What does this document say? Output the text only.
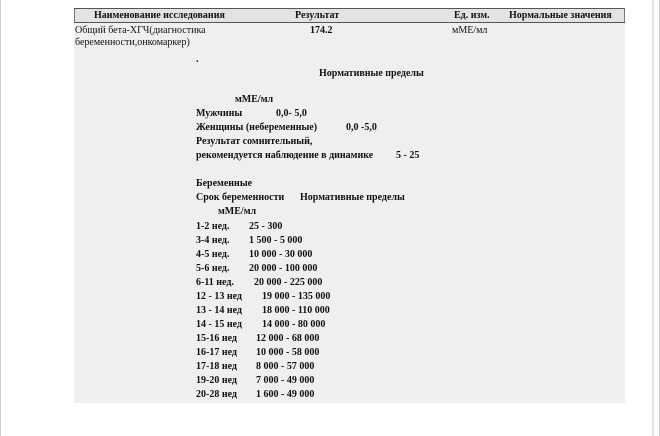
Наименование исследования	Результат	Ед. изм. Нормальные значения
Общий бета-ХГЧ(диагностика беременности,онкомаркер)
174.2	мМЕ/мл
.
Нормативные пределы
мМЕ/мл
Мужчины	0,0- 5,0
Женщины (небеременные)	0,0 -5,0
Результат сомнительный,
рекомендуется наблюдение в динамике 5 - 25
Беременные
Срок беременности Нормативные пределы
мМЕ/мл
1-2 нед. 25 - 300
3-4 нед. 1 500 - 5 000
4-5 нед. 10 000 - 30 000
5-6 нед. 20 000 - 100 000
6-11 нед. 20 000 - 225 000
12 - 13 нед 19 000 - 135 000
13 - 14 нед 18 000 - 110 000
14 - 15 нед 14 000 - 80 000
15-16 нед 12 000 - 68 000
16-17 нед 10 000 - 58 000
17-18 нед 8 000 - 57 000
19-20 нед 7 000 - 49 000
20-28 нед 1 600 - 49 000
